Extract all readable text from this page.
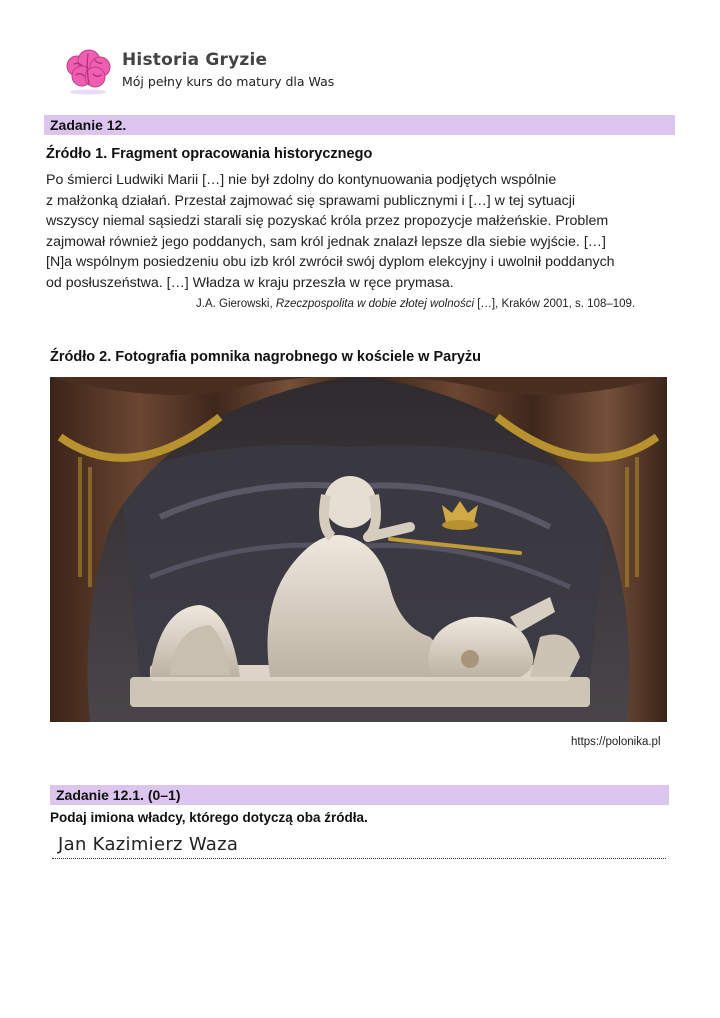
Historia Gryzie
Mój pełny kurs do matury dla Was
Zadanie 12.
Źródło 1. Fragment opracowania historycznego
Po śmierci Ludwiki Marii […] nie był zdolny do kontynuowania podjętych wspólnie
z małżonką działań. Przestał zajmować się sprawami publicznymi i […] w tej sytuacji
wszyscy niemal sąsiedzi starali się pozyskać króla przez propozycje małżeńskie. Problem
zajmował również jego poddanych, sam król jednak znalazł lepsze dla siebie wyjście. […]
[N]a wspólnym posiedzeniu obu izb król zwrócił swój dyplom elekcyjny i uwolnił poddanych
od posłuszeństwa. […] Władza w kraju przeszła w ręce prymasa.
J.A. Gierowski, Rzeczpospolita w dobie złotej wolności […], Kraków 2001, s. 108–109.
Źródło 2. Fotografia pomnika nagrobnego w kościele w Paryżu
https://polonika.pl
Zadanie 12.1. (0–1)
Podaj imiona władcy, którego dotyczą oba źródła.
Jan Kazimierz Waza
